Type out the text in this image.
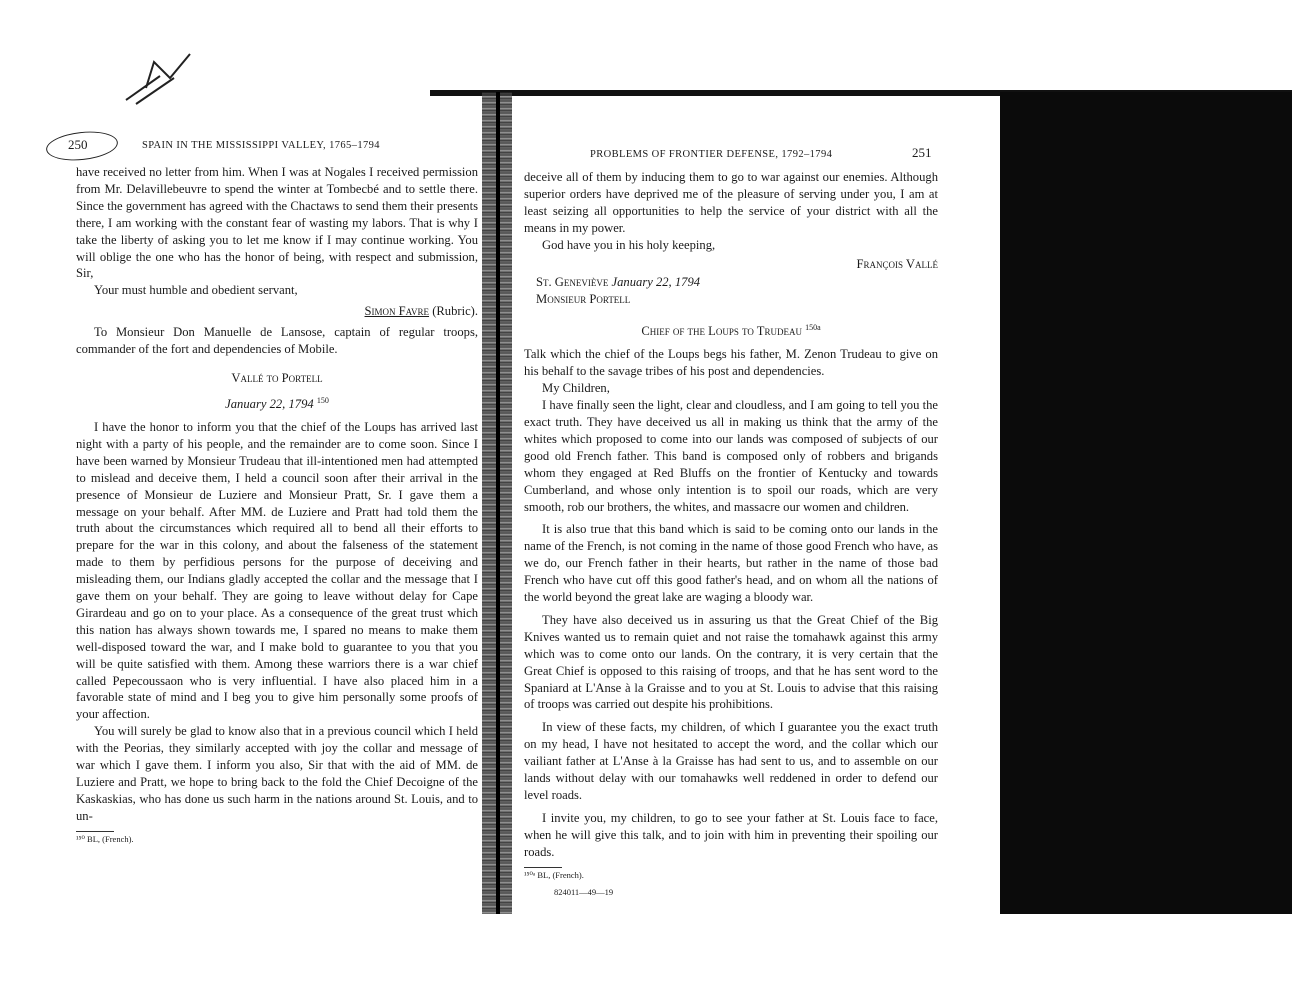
250	SPAIN IN THE MISSISSIPPI VALLEY, 1765–1794

have received no letter from him. When I was at Nogales I received permission from Mr. Delavillebeuvre to spend the winter at Tombecbé and to settle there. Since the government has agreed with the Chactaws to send them their presents there, I am working with the constant fear of wasting my labors. That is why I take the liberty of asking you to let me know if I may continue working. You will oblige the one who has the honor of being, with respect and submission, Sir,

Your must humble and obedient servant,

Simon Favre (Rubric).

To Monsieur Don Manuelle de Lansose, captain of regular troops, commander of the fort and dependencies of Mobile.

Vallé to Portell

January 22, 1794 $^{150}$

I have the honor to inform you that the chief of the Loups has arrived last night with a party of his people, and the remainder are to come soon. Since I have been warned by Monsieur Trudeau that ill-intentioned men had attempted to mislead and deceive them, I held a council soon after their arrival in the presence of Monsieur de Luziere and Monsieur Pratt, Sr. I gave them a message on your behalf. After MM. de Luziere and Pratt had told them the truth about the circumstances which required all to bend all their efforts to prepare for the war in this colony, and about the falseness of the statement made to them by perfidious persons for the purpose of deceiving and misleading them, our Indians gladly accepted the collar and the message that I gave them on your behalf. They are going to leave without delay for Cape Girardeau and go on to your place. As a consequence of the great trust which this nation has always shown towards me, I spared no means to make them well-disposed toward the war, and I make bold to guarantee to you that you will be quite satisfied with them. Among these warriors there is a war chief called Pepecoussaon who is very influential. I have also placed him in a favorable state of mind and I beg you to give him personally some proofs of your affection.

You will surely be glad to know also that in a previous council which I held with the Peorias, they similarly accepted with joy the collar and message of war which I gave them. I inform you also, Sir that with the aid of MM. de Luziere and Pratt, we hope to bring back to the fold the Chief Decoigne of the Kaskaskias, who has done us such harm in the nations around St. Louis, and to un-

¹⁵⁰ BL, (French).

PROBLEMS OF FRONTIER DEFENSE, 1792–1794	251

deceive all of them by inducing them to go to war against our enemies. Although superior orders have deprived me of the pleasure of serving under you, I am at least seizing all opportunities to help the service of your district with all the means in my power.

God have you in his holy keeping,

François Vallé

St. Geneviève January 22, 1794

Monsieur Portell

Chief of the Loups to Trudeau $^{150a}$

Talk which the chief of the Loups begs his father, M. Zenon Trudeau to give on his behalf to the savage tribes of his post and dependencies.

My Children,

I have finally seen the light, clear and cloudless, and I am going to tell you the exact truth. They have deceived us all in making us think that the army of the whites which proposed to come into our lands was composed of subjects of our good old French father. This band is composed only of robbers and brigands whom they engaged at Red Bluffs on the frontier of Kentucky and towards Cumberland, and whose only intention is to spoil our roads, which are very smooth, rob our brothers, the whites, and massacre our women and children.

It is also true that this band which is said to be coming onto our lands in the name of the French, is not coming in the name of those good French who have, as we do, our French father in their hearts, but rather in the name of those bad French who have cut off this good father's head, and on whom all the nations of the world beyond the great lake are waging a bloody war.

They have also deceived us in assuring us that the Great Chief of the Big Knives wanted us to remain quiet and not raise the tomahawk against this army which was to come onto our lands. On the contrary, it is very certain that the Great Chief is opposed to this raising of troops, and that he has sent word to the Spaniard at L'Anse à la Graisse and to you at St. Louis to advise that this raising of troops was carried out despite his prohibitions.

In view of these facts, my children, of which I guarantee you the exact truth on my head, I have not hesitated to accept the word, and the collar which our vailiant father at L'Anse à la Graisse has had sent to us, and to assemble on our lands without delay with our tomahawks well reddened in order to defend our level roads.

I invite you, my children, to go to see your father at St. Louis face to face, when he will give this talk, and to join with him in preventing their spoiling our roads.

¹⁵⁰ᵃ BL, (French).

824011—49—19
